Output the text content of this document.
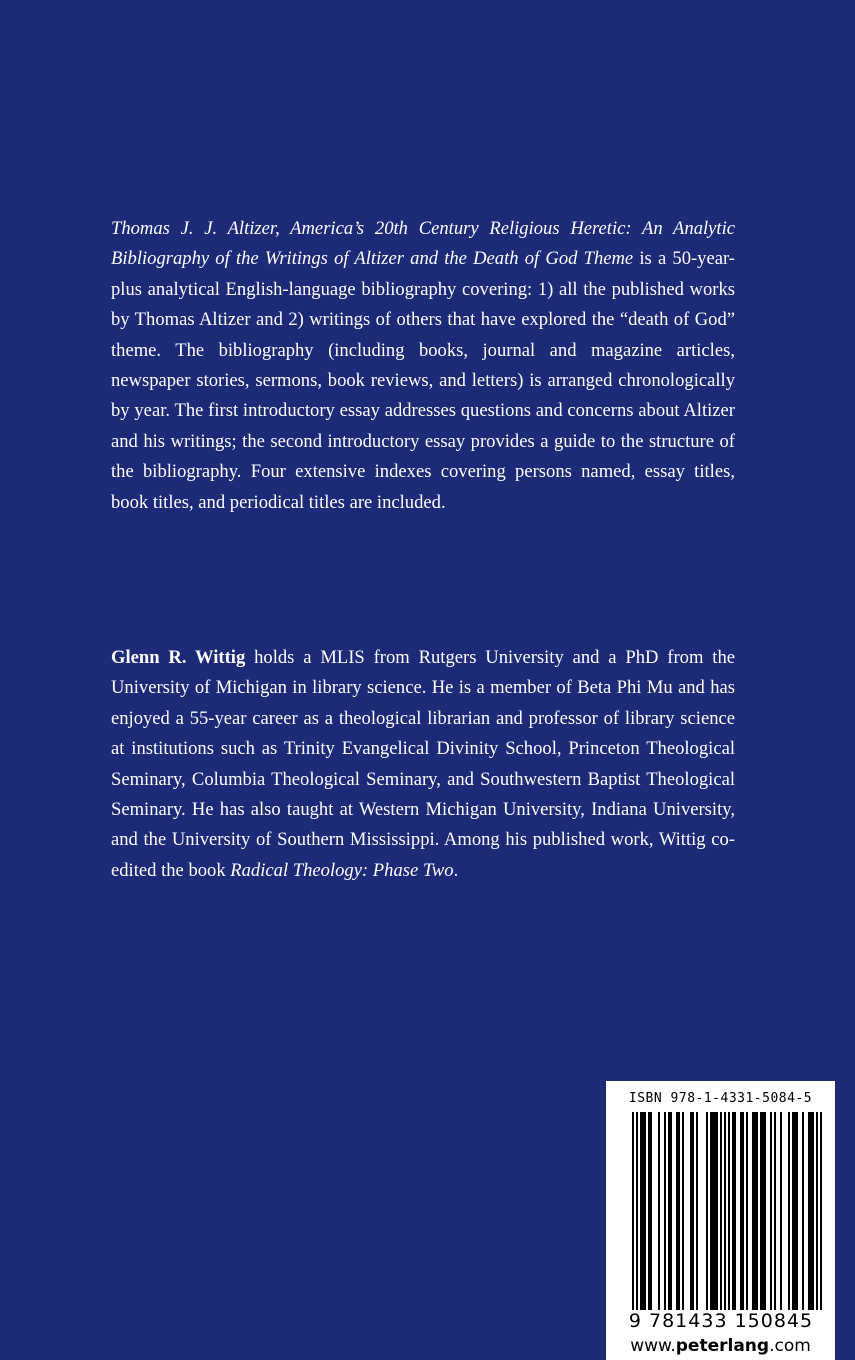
Thomas J. J. Altizer, America’s 20th Century Religious Heretic: An Analytic Bibliography of the Writings of Altizer and the Death of God Theme is a 50-year-plus analytical English-language bibliography covering: 1) all the published works by Thomas Altizer and 2) writings of others that have explored the “death of God” theme. The bibliography (including books, journal and magazine articles, newspaper stories, sermons, book reviews, and letters) is arranged chronologically by year. The first introductory essay addresses questions and concerns about Altizer and his writings; the second introductory essay provides a guide to the structure of the bibliography. Four extensive indexes covering persons named, essay titles, book titles, and periodical titles are included.

Glenn R. Wittig holds a MLIS from Rutgers University and a PhD from the University of Michigan in library science. He is a member of Beta Phi Mu and has enjoyed a 55-year career as a theological librarian and professor of library science at institutions such as Trinity Evangelical Divinity School, Princeton Theological Seminary, Columbia Theological Seminary, and Southwestern Baptist Theological Seminary. He has also taught at Western Michigan University, Indiana University, and the University of Southern Mississippi. Among his published work, Wittig co-edited the book Radical Theology: Phase Two.

ISBN 978-1-4331-5084-5
9 781433 150845
www.peterlang.com
